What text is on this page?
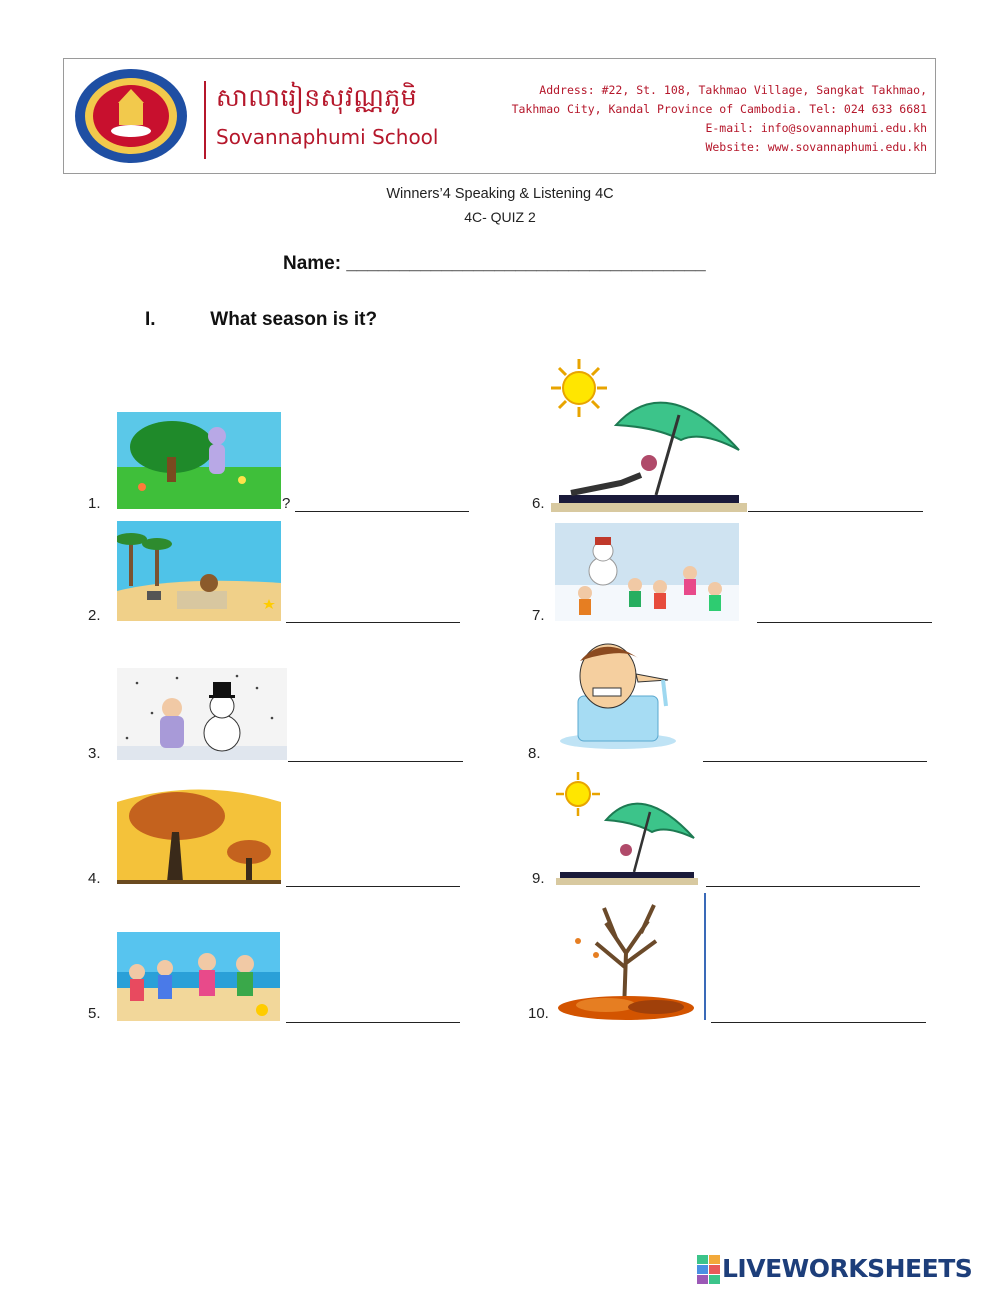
សាលារៀនសុវណ្ណភូមិ
Sovannaphumi School
Address: #22, St. 108, Takhmao Village, Sangkat Takhmao,
Takhmao City, Kandal Province of Cambodia. Tel: 024 633 6681
E-mail: info@sovannaphumi.edu.kh
Website: www.sovannaphumi.edu.kh
Winners’4 Speaking & Listening 4C
4C- QUIZ 2
Name: __________________________________
I.	What season is it?
1.	?
2.
3.
4.
5.
6.
7.
8.
9.
10.
LIVEWORKSHEETS
